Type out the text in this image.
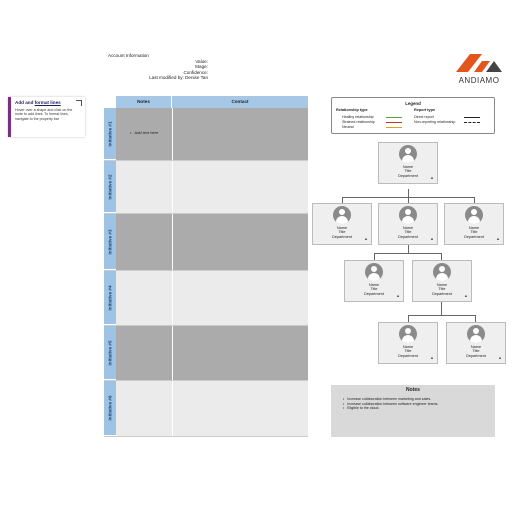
Add and format lines
Hover over a shape and click on the node to add lines. To format lines, navigate to the property bar
Account Information
Value:
Stage:
Confidence:
Last modified by: Denise Tan	ANDIAMO
Notes	Contact
Initiative #1
•	Add text here
Initiative #2
Initiative #3
Initiative #4
Initiative #5
Initiative #6
Legend
Relationship type	Report type
Healthy relationship
Strained relationship
Neutral
Direct report
Non-reporting relationship
Name
Title
Department	▲
Name
Title
Department	▲
Name
Title
Department	▲
Name
Title
Department	▲
Name
Title
Department	▲
Name
Title
Department	▲
Name
Title
Department	▲
Name
Title
Department	▲
Notes
• Increase collaboration between marketing and sales.
• Increase collaboration between software engineer teams.
• Eligible to the cloud.
